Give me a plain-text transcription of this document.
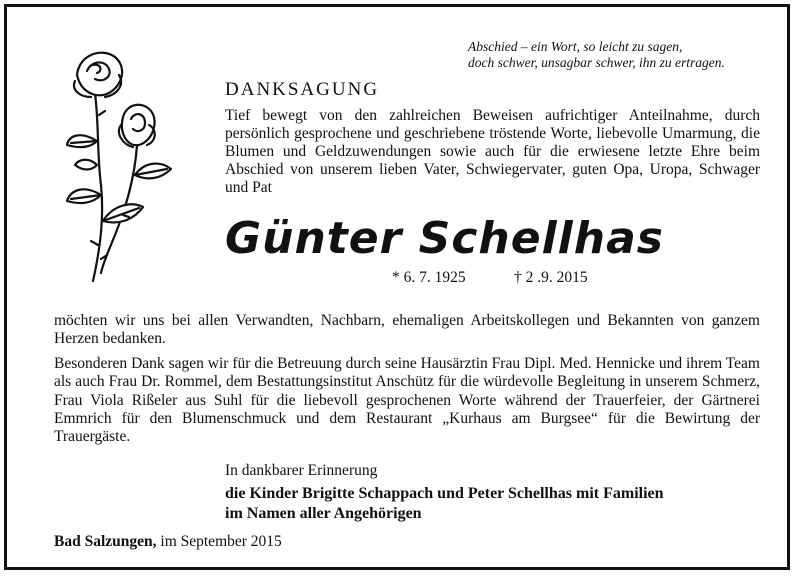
Abschied – ein Wort, so leicht zu sagen,
doch schwer, unsagbar schwer, ihn zu ertragen.
DANKSAGUNG
Tief bewegt von den zahlreichen Beweisen aufrichtiger Anteilnahme, durch persönlich gesprochene und geschriebene tröstende Worte, liebevolle Umarmung, die Blumen und Geldzuwendungen sowie auch für die erwiesene letzte Ehre beim Abschied von unserem lieben Vater, Schwiegervater, guten Opa, Uropa, Schwager und Pat
Günter Schellhas
* 6. 7. 1925	† 2 .9. 2015
möchten wir uns bei allen Verwandten, Nachbarn, ehemaligen Arbeitskollegen und Bekannten von ganzem Herzen bedanken.
Besonderen Dank sagen wir für die Betreuung durch seine Hausärztin Frau Dipl. Med. Hennicke und ihrem Team als auch Frau Dr. Rommel, dem Bestattungsinstitut Anschütz für die würdevolle Begleitung in unserem Schmerz, Frau Viola Rißeler aus Suhl für die liebevoll gesprochenen Worte während der Trauerfeier, der Gärtnerei Emmrich für den Blumenschmuck und dem Restaurant „Kurhaus am Burgsee“ für die Bewirtung der Trauergäste.
In dankbarer Erinnerung
die Kinder Brigitte Schappach und Peter Schellhas mit Familien
im Namen aller Angehörigen
Bad Salzungen, im September 2015
